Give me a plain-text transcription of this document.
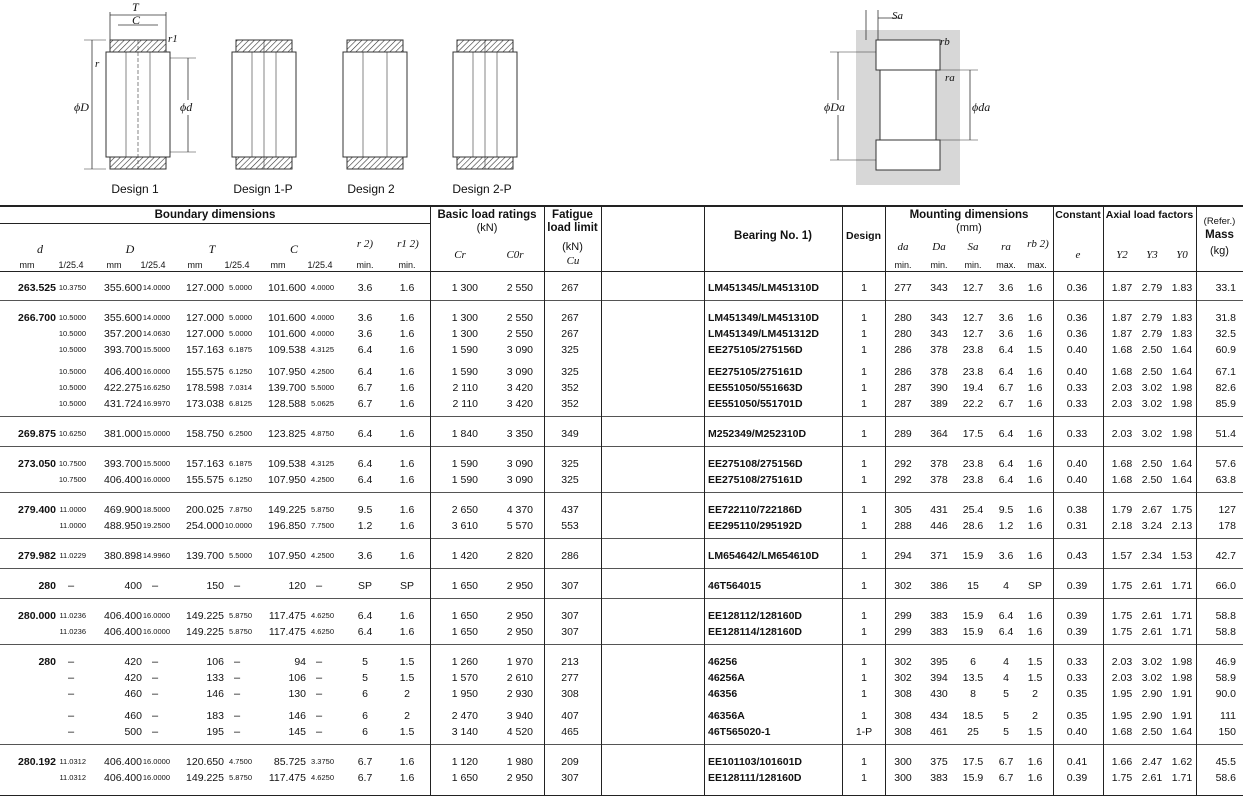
T
C
r1
r
ϕD	ϕd
Sa
rb
ra
ϕDa	ϕda
Design 1	Design 1-P	Design 2	Design 2-P
Boundary dimensions	Basic load ratings
(kN)
Fatigue
load limit
(kN)
Bearing No. 1)	Design
Mounting dimensions
(mm)
Constant Axial load factors
(Refer.)
Mass
(kg)
d	D	T	C	r 2)	r1 2)
mm	1/25.4	mm	1/25.4	mm	1/25.4	mm	1/25.4	min.	min.
Cr	C0r	Cu
da	Da	Sa	ra	rb 2)
min.	min.	min.	max.	max.
e	Y2	Y3	Y0
263.525 10.3750	355.600 14.0000	127.000 5.0000	101.600 4.0000	3.6	1.6	1 300	2 550	267	LM451345/LM451310D	1	277	343	12.7	3.6	1.6	0.36	1.87 2.79 1.83	33.1
266.700 10.5000	355.600 14.0000	127.000 5.0000	101.600 4.0000	3.6	1.6	1 300	2 550	267	LM451349/LM451310D	1	280	343	12.7	3.6	1.6	0.36	1.87 2.79 1.83	31.8
10.5000	357.200 14.0630	127.000 5.0000	101.600 4.0000	3.6	1.6	1 300	2 550	267	LM451349/LM451312D	1	280	343	12.7	3.6	1.6	0.36	1.87 2.79 1.83	32.5
10.5000	393.700 15.5000	157.163 6.1875	109.538 4.3125	6.4	1.6	1 590	3 090	325	EE275105/275156D	1	286	378	23.8	6.4	1.5	0.40	1.68 2.50 1.64	60.9
10.5000	406.400 16.0000	155.575 6.1250	107.950 4.2500	6.4	1.6	1 590	3 090	325	EE275105/275161D	1	286	378	23.8	6.4	1.6	0.40	1.68 2.50 1.64	67.1
10.5000	422.275 16.6250	178.598 7.0314	139.700 5.5000	6.7	1.6	2 110	3 420	352	EE551050/551663D	1	287	390	19.4	6.7	1.6	0.33	2.03 3.02 1.98	82.6
10.5000	431.724 16.9970	173.038 6.8125	128.588 5.0625	6.7	1.6	2 110	3 420	352	EE551050/551701D	1	287	389	22.2	6.7	1.6	0.33	2.03 3.02 1.98	85.9
269.875 10.6250	381.000 15.0000	158.750 6.2500	123.825 4.8750	6.4	1.6	1 840	3 350	349	M252349/M252310D	1	289	364	17.5	6.4	1.6	0.33	2.03 3.02 1.98	51.4
273.050 10.7500	393.700 15.5000	157.163 6.1875	109.538 4.3125	6.4	1.6	1 590	3 090	325	EE275108/275156D	1	292	378	23.8	6.4	1.6	0.40	1.68 2.50 1.64	57.6
10.7500	406.400 16.0000	155.575 6.1250	107.950 4.2500	6.4	1.6	1 590	3 090	325	EE275108/275161D	1	292	378	23.8	6.4	1.6	0.40	1.68 2.50 1.64	63.8
279.400 11.0000	469.900 18.5000	200.025 7.8750	149.225 5.8750	9.5	1.6	2 650	4 370	437	EE722110/722186D	1	305	431	25.4	9.5	1.6	0.38	1.79 2.67 1.75	127
11.0000	488.950 19.2500	254.000 10.0000	196.850 7.7500	1.2	1.6	3 610	5 570	553	EE295110/295192D	1	288	446	28.6	1.2	1.6	0.31	2.18 3.24 2.13	178
279.982 11.0229	380.898 14.9960	139.700 5.5000	107.950 4.2500	3.6	1.6	1 420	2 820	286	LM654642/LM654610D	1	294	371	15.9	3.6	1.6	0.43	1.57 2.34 1.53	42.7
280	–	400 –	150 –	120 –	SP	SP	1 650	2 950	307	46T564015	1	302	386	15	4	SP	0.39	1.75 2.61 1.71	66.0
280.000 11.0236	406.400 16.0000	149.225 5.8750	117.475 4.6250	6.4	1.6	1 650	2 950	307	EE128112/128160D	1	299	383	15.9	6.4	1.6	0.39	1.75 2.61 1.71	58.8
11.0236	406.400 16.0000	149.225 5.8750	117.475 4.6250	6.4	1.6	1 650	2 950	307	EE128114/128160D	1	299	383	15.9	6.4	1.6	0.39	1.75 2.61 1.71	58.8
280	–	420 –	106 –	94 –	5	1.5	1 260	1 970	213	46256	1	302	395	6	4	1.5	0.33	2.03 3.02 1.98	46.9
–	420 –	133 –	106 –	5	1.5	1 570	2 610	277	46256A	1	302	394	13.5	4	1.5	0.33	2.03 3.02 1.98	58.9
–	460 –	146 –	130 –	6	2	1 950	2 930	308	46356	1	308	430	8	5	2	0.35	1.95 2.90 1.91	90.0
–	460 –	183 –	146 –	6	2	2 470	3 940	407	46356A	1	308	434	18.5	5	2	0.35	1.95 2.90 1.91	111
–	500 –	195 –	145 –	6	1.5	3 140	4 520	465	46T565020-1	1-P	308	461	25	5	1.5	0.40	1.68 2.50 1.64	150
280.192 11.0312	406.400 16.0000	120.650 4.7500	85.725 3.3750	6.7	1.6	1 120	1 980	209	EE101103/101601D	1	300	375	17.5	6.7	1.6	0.41	1.66 2.47 1.62	45.5
11.0312	406.400 16.0000	149.225 5.8750	117.475 4.6250	6.7	1.6	1 650	2 950	307	EE128111/128160D	1	300	383	15.9	6.7	1.6	0.39	1.75 2.61 1.71	58.6
